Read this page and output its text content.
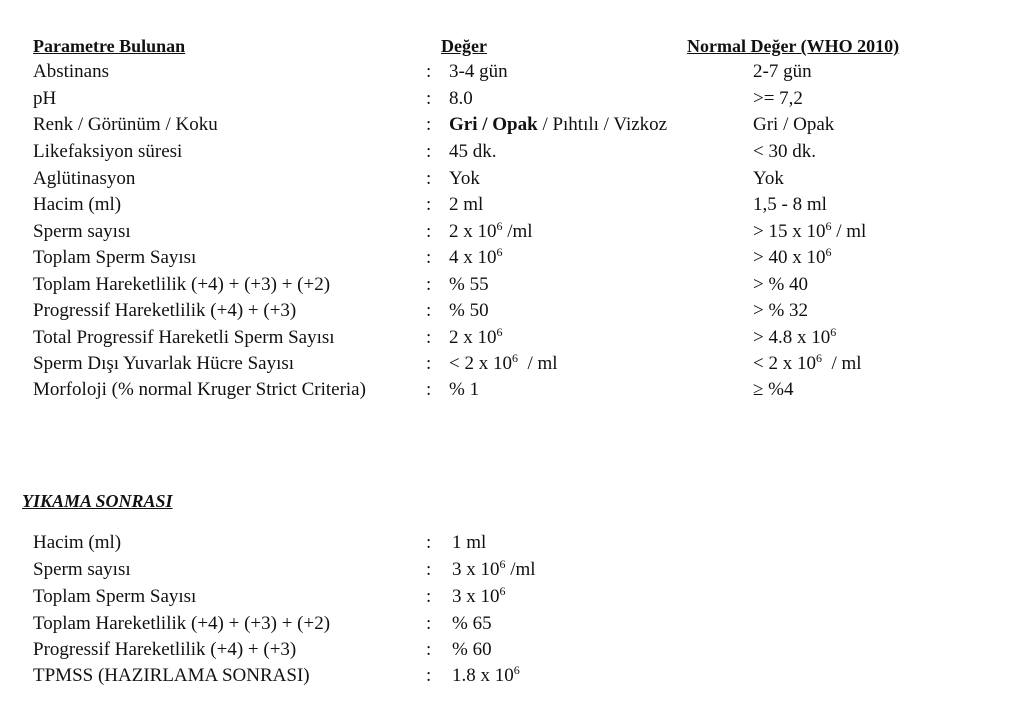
Parametre Bulunan	Değer	Normal Değer (WHO 2010)
Abstinans	: 3-4 gün	2-7 gün
pH	: 8.0	>= 7,2
Renk / Görünüm / Koku	: Gri / Opak / Pıhtılı / Vizkoz	Gri / Opak
Likefaksiyon süresi	: 45 dk.	< 30 dk.
Aglütinasyon	: Yok	Yok
Hacim (ml)	: 2 ml	1,5 - 8 ml
Sperm sayısı	: 2 x $10^6$ /ml	> 15 x $10^6$ / ml
Toplam Sperm Sayısı	: 4 x $10^6$	> 40 x $10^6$
Toplam Hareketlilik (+4) + (+3) + (+2)	: % 55	> % 40
Progressif Hareketlilik (+4) + (+3)	: % 50	> % 32
Total Progressif Hareketli Sperm Sayısı	: 2 x $10^6$	> 4.8 x $10^6$
Sperm Dışı Yuvarlak Hücre Sayısı	: < 2 x $10^6$  / ml	< 2 x $10^6$  / ml
Morfoloji (% normal Kruger Strict Criteria)	: % 1	≥ %4
YIKAMA SONRASI
Hacim (ml)	: 1 ml
Sperm sayısı	: 3 x $10^6$ /ml
Toplam Sperm Sayısı	: 3 x $10^6$
Toplam Hareketlilik (+4) + (+3) + (+2)	: % 65
Progressif Hareketlilik (+4) + (+3)	: % 60
TPMSS (HAZIRLAMA SONRASI)	: 1.8 x $10^6$
